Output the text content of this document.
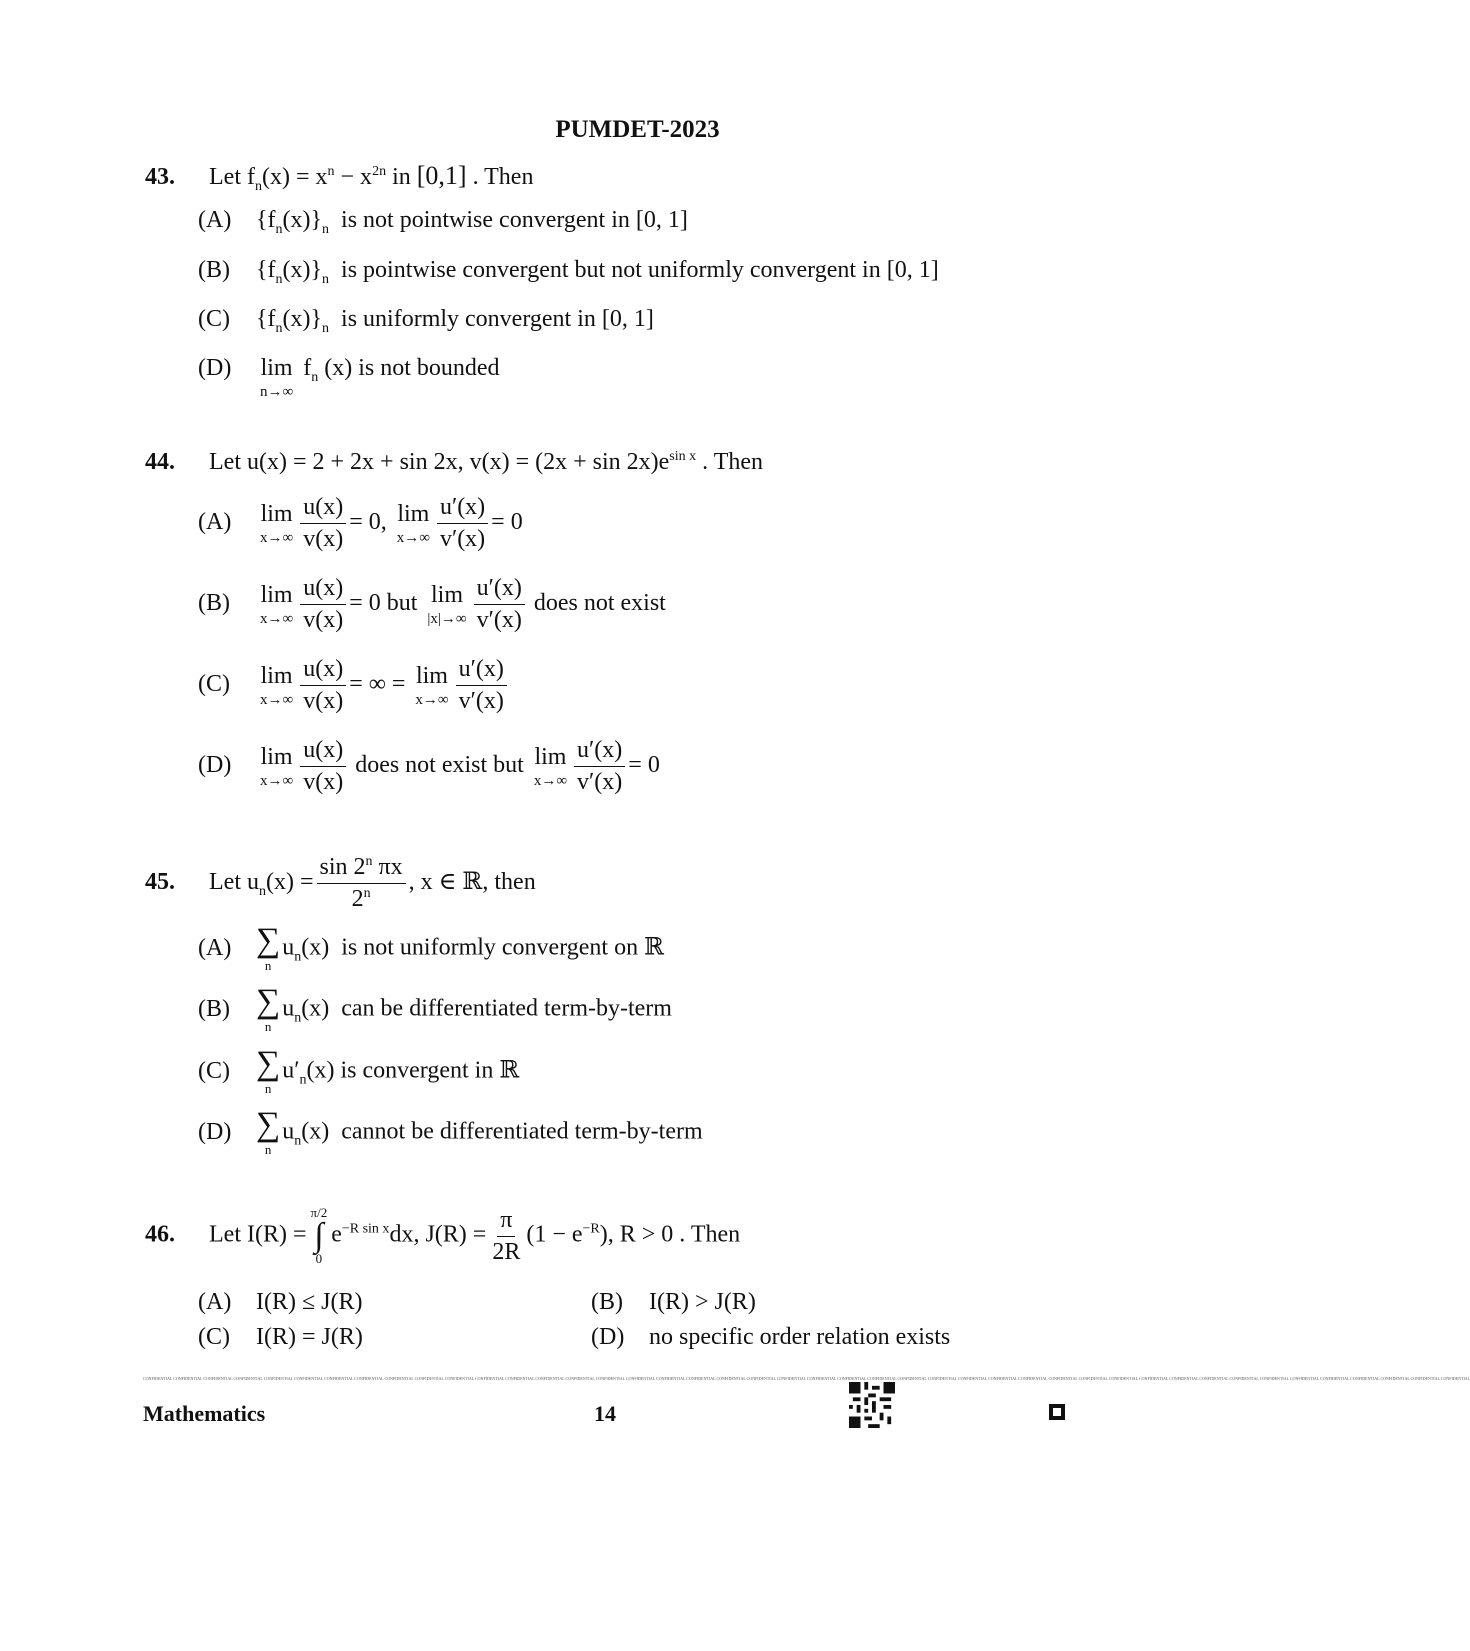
PUMDET-2023
43. Let $f_n(x) = x^n - x^{2n}$ in [0,1] . Then
(A) $\{f_n(x)\}_n$ is not pointwise convergent in [0, 1]
(B) $\{f_n(x)\}_n$ is pointwise convergent but not uniformly convergent in [0, 1]
(C) $\{f_n(x)\}_n$ is uniformly convergent in [0, 1]
(D) lim
n→∞
$f_n$ (x) is not bounded
44. Let u(x) = 2 + 2x + sin 2x, $v(x) = (2x + \sin 2x)e^{sin x}$ . Then
(A) lim
$x\to\infty \frac{u(x)}{v(x)} = 0$, lim
$x\to\infty \frac{u'(x)}{v'(x)} = 0$
(B) lim
$x\to\infty \frac{u(x)}{v(x)} = 0$ but lim
$|x|\to\infty \frac{u'(x)}{v'(x)}$ does not exist
(C) lim
$x\to\infty \frac{u(x)}{v(x)}$ = ∞ = lim
$x\to\infty \frac{u'(x)}{v'(x)}$
(D) lim
$x\to\infty \frac{u(x)}{v(x)}$ does not exist but lim
$x\to\infty \frac{u'(x)}{v'(x)} = 0$
45. Let $u_n(x) = \frac{\sin 2^n \pi x}{2^n}$ , x ∈ ℝ, then
(A) ∑
n
$u_n(x)$  is not uniformly convergent on ℝ
(B) ∑
n
$u_n(x)$  can be differentiated term-by-term
(C) ∑
n
$u'_n(x)$ is convergent in ℝ
(D) ∑
n
$u_n(x)$  cannot be differentiated term-by-term
46. Let I(R) =
π/2
∫
0
$e^{-R sin x}dx$, $J(R) = \frac{\pi}{2R} (1 - e^{-R})$, R > 0 . Then
(A) I(R) ≤ J(R)	(B) I(R) > J(R)
(C) I(R) = J(R)	(D) no specific order relation exists
CONFIDENTIAL CONFIDENTIAL CONFIDENTIAL CONFIDENTIAL CONFIDENTIAL CONFIDENTIAL CONFIDENTIAL CONFIDENTIAL CONFIDENTIAL CONFIDENTIAL CONFIDENTIAL CONFIDENTIAL CONFIDENTIAL CONFIDENTIAL CONFIDENTIAL CONFIDENTIAL CONFIDENTIAL CONFIDENTIAL CONFIDENTIAL CONFIDENTIAL CONFIDENTIAL CONFIDENTIAL CONFIDENTIAL CONFIDENTIAL CONFIDENTIAL CONFIDENTIAL CONFIDENTIAL CONFIDENTIAL CONFIDENTIAL CONFIDENTIAL CONFIDENTIAL CONFIDENTIAL CONFIDENTIAL CONFIDENTIAL CONFIDENTIAL CONFIDENTIAL CONFIDENTIAL CONFIDENTIAL CONFIDENTIAL CONFIDENTIAL CONFIDENTIAL CONFIDENTIAL CONFIDENTIAL CONFIDENTIAL
Mathematics	14
